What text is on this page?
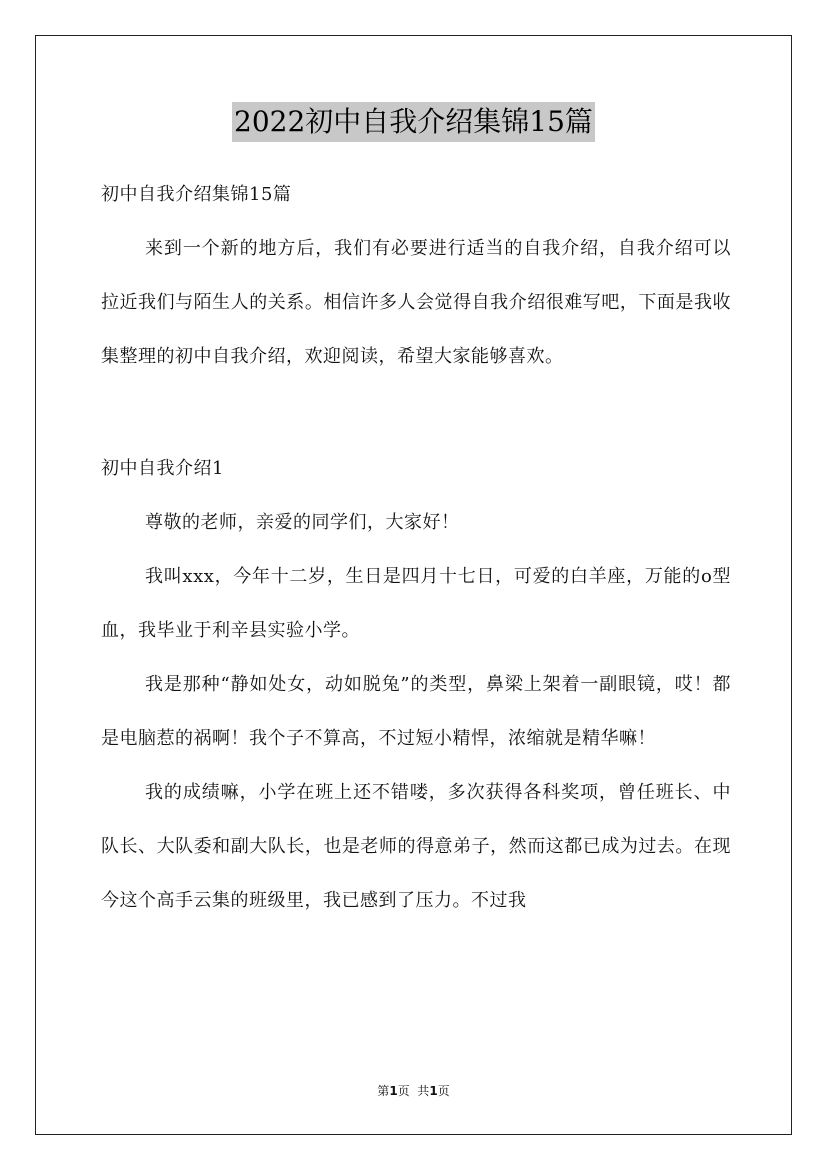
2022初中自我介绍集锦15篇

初中自我介绍集锦15篇

来到一个新的地方后，我们有必要进行适当的自我介绍，自我介绍可以拉近我们与陌生人的关系。相信许多人会觉得自我介绍很难写吧，下面是我收集整理的初中自我介绍，欢迎阅读，希望大家能够喜欢。

初中自我介绍1

尊敬的老师，亲爱的同学们，大家好！

我叫xxx，今年十二岁，生日是四月十七日，可爱的白羊座，万能的o型血，我毕业于利辛县实验小学。

我是那种“静如处女，动如脱兔”的类型，鼻梁上架着一副眼镜，哎！都是电脑惹的祸啊！我个子不算高，不过短小精悍，浓缩就是精华嘛！

我的成绩嘛，小学在班上还不错喽，多次获得各科奖项，曾任班长、中队长、大队委和副大队长，也是老师的得意弟子，然而这都已成为过去。在现今这个高手云集的班级里，我已感到了压力。不过我

第1页  共1页
